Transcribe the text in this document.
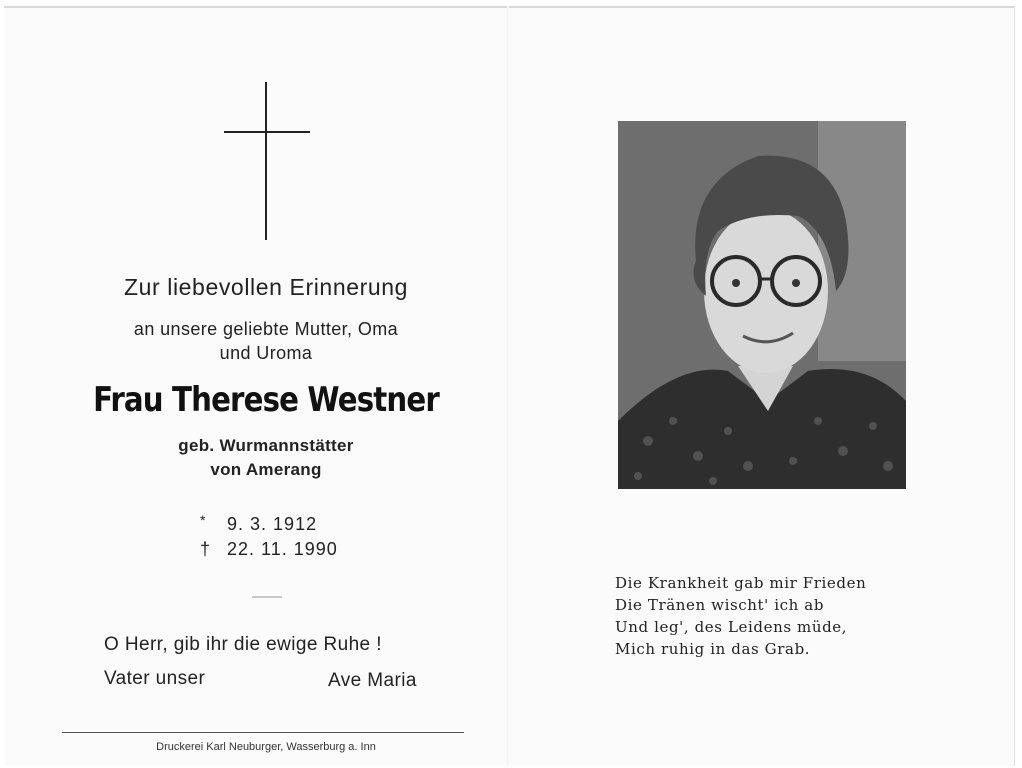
Zur liebevollen Erinnerung
an unsere geliebte Mutter, Oma
und Uroma
Frau Therese Westner
geb. Wurmannstätter
von Amerang
* 9. 3. 1912
† 22. 11. 1990
O Herr, gib ihr die ewige Ruhe !
Vater unser	Ave Maria
Druckerei Karl Neuburger, Wasserburg a. Inn
Die Krankheit gab mir Frieden
Die Tränen wischt' ich ab
Und leg', des Leidens müde,
Mich ruhig in das Grab.
